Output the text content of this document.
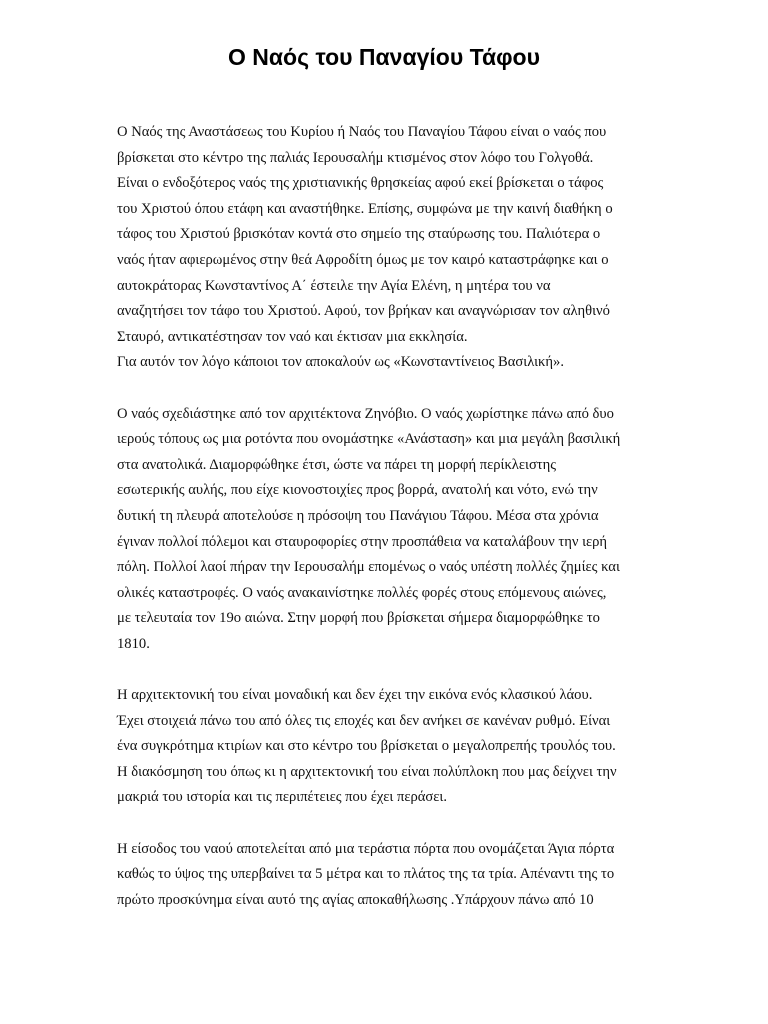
Ο Ναός του Παναγίου Τάφου
Ο Ναός της Αναστάσεως του Κυρίου ή Ναός του Παναγίου Τάφου είναι ο ναός που
βρίσκεται στο κέντρο της παλιάς Ιερουσαλήμ κτισμένος στον λόφο του Γολγοθά.
Είναι ο ενδοξότερος ναός της χριστιανικής θρησκείας αφού εκεί βρίσκεται ο τάφος
του Χριστού όπου ετάφη και αναστήθηκε. Επίσης, συμφώνα με την καινή διαθήκη ο
τάφος του Χριστού βρισκόταν κοντά στο σημείο της σταύρωσης του. Παλιότερα ο
ναός ήταν αφιερωμένος στην θεά Αφροδίτη όμως με τον καιρό καταστράφηκε και ο
αυτοκράτορας Κωνσταντίνος Α΄ έστειλε την Αγία Ελένη, η μητέρα του να
αναζητήσει τον τάφο του Χριστού. Αφού, τον βρήκαν και αναγνώρισαν τον αληθινό
Σταυρό, αντικατέστησαν τον ναό και έκτισαν μια εκκλησία.
Για αυτόν τον λόγο κάποιοι τον αποκαλούν ως «Κωνσταντίνειος Βασιλική».
Ο ναός σχεδιάστηκε από τον αρχιτέκτονα Ζηνόβιο. Ο ναός χωρίστηκε πάνω από δυο
ιερούς τόπους ως μια ροτόντα που ονομάστηκε «Ανάσταση» και μια μεγάλη βασιλική
στα ανατολικά. Διαμορφώθηκε έτσι, ώστε να πάρει τη μορφή περίκλειστης
εσωτερικής αυλής, που είχε κιονοστοιχίες προς βορρά, ανατολή και νότο, ενώ την
δυτική τη πλευρά αποτελούσε η πρόσοψη του Πανάγιου Τάφου. Μέσα στα χρόνια
έγιναν πολλοί πόλεμοι και σταυροφορίες στην προσπάθεια να καταλάβουν την ιερή
πόλη. Πολλοί λαοί πήραν την Ιερουσαλήμ επομένως ο ναός υπέστη πολλές ζημίες και
ολικές καταστροφές. Ο ναός ανακαινίστηκε πολλές φορές στους επόμενους αιώνες,
με τελευταία τον 19ο αιώνα. Στην μορφή που βρίσκεται σήμερα διαμορφώθηκε το
1810.
Η αρχιτεκτονική του είναι μοναδική και δεν έχει την εικόνα ενός κλασικού λάου.
Έχει στοιχειά πάνω του από όλες τις εποχές και δεν ανήκει σε κανέναν ρυθμό. Είναι
ένα συγκρότημα κτιρίων και στο κέντρο του βρίσκεται ο μεγαλοπρεπής τρουλός του.
Η διακόσμηση του όπως κι η αρχιτεκτονική του είναι πολύπλοκη που μας δείχνει την
μακριά του ιστορία και τις περιπέτειες που έχει περάσει.
Η είσοδος του ναού αποτελείται από μια τεράστια πόρτα που ονομάζεται Άγια πόρτα
καθώς το ύψος της υπερβαίνει τα 5 μέτρα και το πλάτος της τα τρία. Απέναντι της το
πρώτο προσκύνημα είναι αυτό της αγίας αποκαθήλωσης .Υπάρχουν πάνω από 10
